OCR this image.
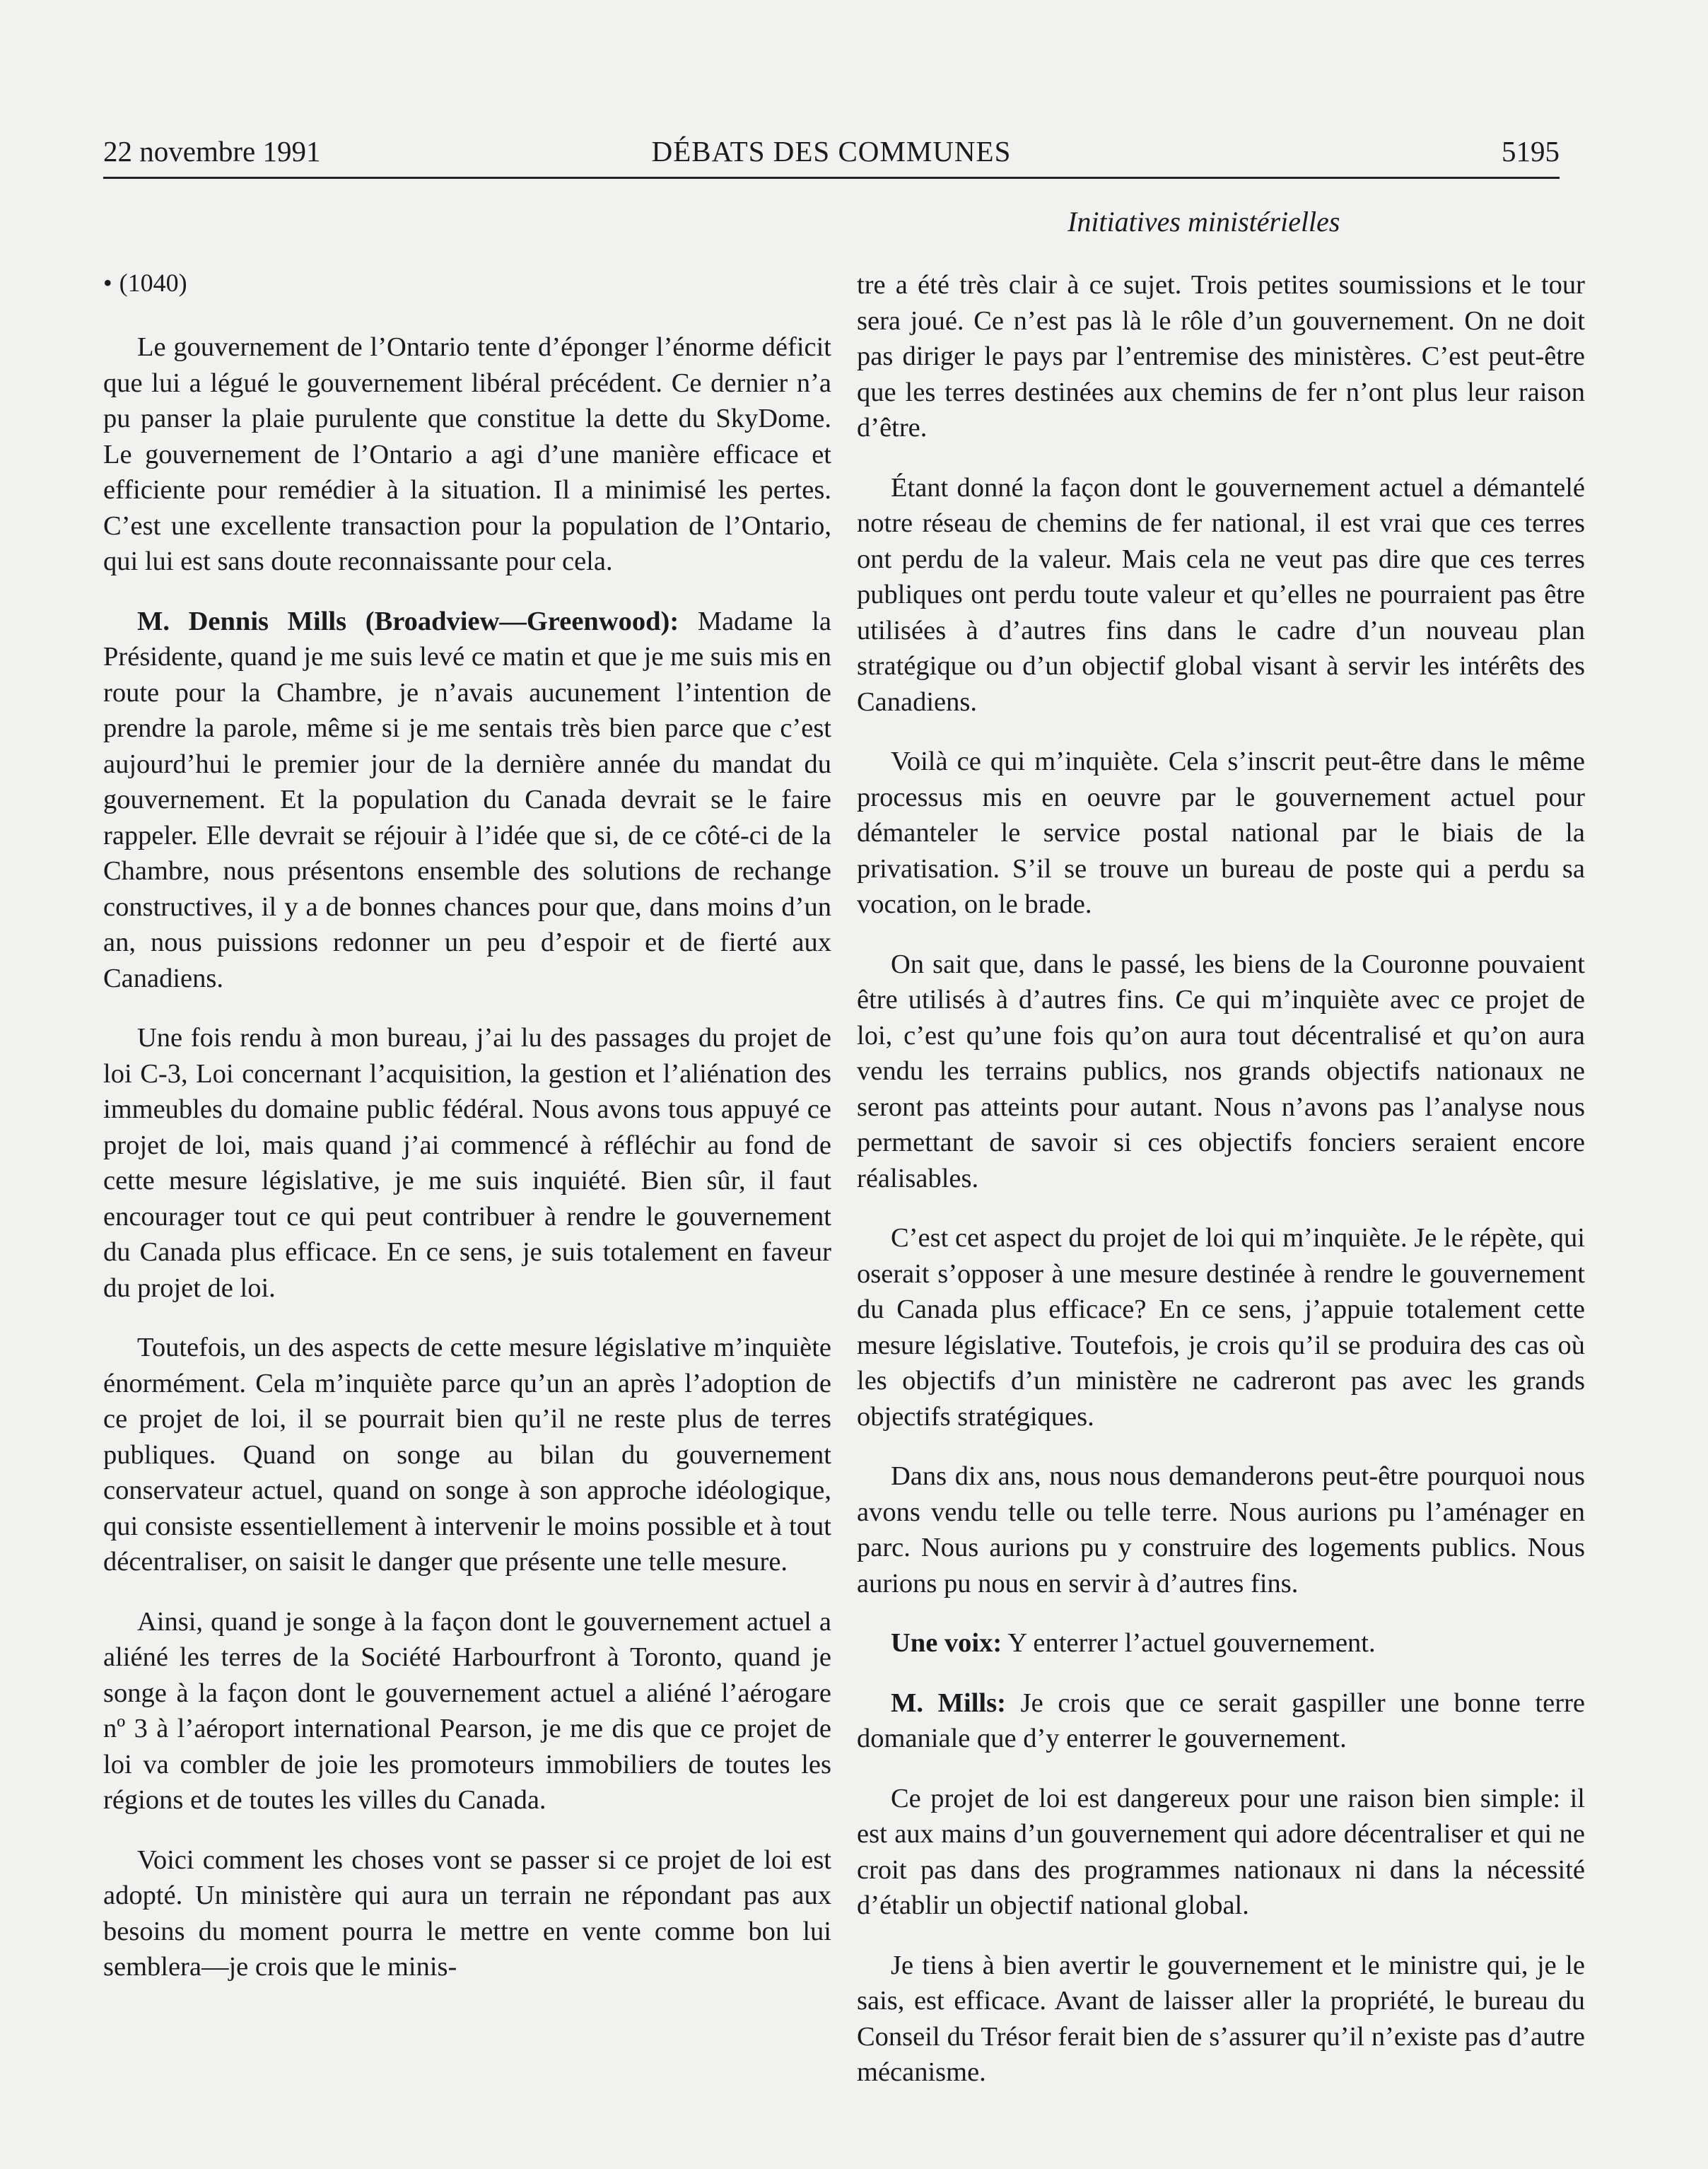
22 novembre 1991	DÉBATS DES COMMUNES	5195
Initiatives ministérielles
• (1040)

Le gouvernement de l’Ontario tente d’éponger l’énorme déficit que lui a légué le gouvernement libéral précédent. Ce dernier n’a pu panser la plaie purulente que constitue la dette du SkyDome. Le gouvernement de l’Ontario a agi d’une manière efficace et efficiente pour remédier à la situation. Il a minimisé les pertes. C’est une excellente transaction pour la population de l’Ontario, qui lui est sans doute reconnaissante pour cela.

M. Dennis Mills (Broadview—Greenwood): Madame la Présidente, quand je me suis levé ce matin et que je me suis mis en route pour la Chambre, je n’avais aucunement l’intention de prendre la parole, même si je me sentais très bien parce que c’est aujourd’hui le premier jour de la dernière année du mandat du gouvernement. Et la population du Canada devrait se le faire rappeler. Elle devrait se réjouir à l’idée que si, de ce côté-ci de la Chambre, nous présentons ensemble des solutions de rechange constructives, il y a de bonnes chances pour que, dans moins d’un an, nous puissions redonner un peu d’espoir et de fierté aux Canadiens.

Une fois rendu à mon bureau, j’ai lu des passages du projet de loi C-3, Loi concernant l’acquisition, la gestion et l’aliénation des immeubles du domaine public fédéral. Nous avons tous appuyé ce projet de loi, mais quand j’ai commencé à réfléchir au fond de cette mesure législative, je me suis inquiété. Bien sûr, il faut encourager tout ce qui peut contribuer à rendre le gouvernement du Canada plus efficace. En ce sens, je suis totalement en faveur du projet de loi.

Toutefois, un des aspects de cette mesure législative m’inquiète énormément. Cela m’inquiète parce qu’un an après l’adoption de ce projet de loi, il se pourrait bien qu’il ne reste plus de terres publiques. Quand on songe au bilan du gouvernement conservateur actuel, quand on songe à son approche idéologique, qui consiste essentiellement à intervenir le moins possible et à tout décentraliser, on saisit le danger que présente une telle mesure.

Ainsi, quand je songe à la façon dont le gouvernement actuel a aliéné les terres de la Société Harbourfront à Toronto, quand je songe à la façon dont le gouvernement actuel a aliéné l’aérogare nº 3 à l’aéroport international Pearson, je me dis que ce projet de loi va combler de joie les promoteurs immobiliers de toutes les régions et de toutes les villes du Canada.

Voici comment les choses vont se passer si ce projet de loi est adopté. Un ministère qui aura un terrain ne répondant pas aux besoins du moment pourra le mettre en vente comme bon lui semblera—je crois que le minis-

tre a été très clair à ce sujet. Trois petites soumissions et le tour sera joué. Ce n’est pas là le rôle d’un gouvernement. On ne doit pas diriger le pays par l’entremise des ministères. C’est peut-être que les terres destinées aux chemins de fer n’ont plus leur raison d’être.

Étant donné la façon dont le gouvernement actuel a démantelé notre réseau de chemins de fer national, il est vrai que ces terres ont perdu de la valeur. Mais cela ne veut pas dire que ces terres publiques ont perdu toute valeur et qu’elles ne pourraient pas être utilisées à d’autres fins dans le cadre d’un nouveau plan stratégique ou d’un objectif global visant à servir les intérêts des Canadiens.

Voilà ce qui m’inquiète. Cela s’inscrit peut-être dans le même processus mis en oeuvre par le gouvernement actuel pour démanteler le service postal national par le biais de la privatisation. S’il se trouve un bureau de poste qui a perdu sa vocation, on le brade.

On sait que, dans le passé, les biens de la Couronne pouvaient être utilisés à d’autres fins. Ce qui m’inquiète avec ce projet de loi, c’est qu’une fois qu’on aura tout décentralisé et qu’on aura vendu les terrains publics, nos grands objectifs nationaux ne seront pas atteints pour autant. Nous n’avons pas l’analyse nous permettant de savoir si ces objectifs fonciers seraient encore réalisables.

C’est cet aspect du projet de loi qui m’inquiète. Je le répète, qui oserait s’opposer à une mesure destinée à rendre le gouvernement du Canada plus efficace? En ce sens, j’appuie totalement cette mesure législative. Toutefois, je crois qu’il se produira des cas où les objectifs d’un ministère ne cadreront pas avec les grands objectifs stratégiques.

Dans dix ans, nous nous demanderons peut-être pourquoi nous avons vendu telle ou telle terre. Nous aurions pu l’aménager en parc. Nous aurions pu y construire des logements publics. Nous aurions pu nous en servir à d’autres fins.

Une voix: Y enterrer l’actuel gouvernement.

M. Mills: Je crois que ce serait gaspiller une bonne terre domaniale que d’y enterrer le gouvernement.

Ce projet de loi est dangereux pour une raison bien simple: il est aux mains d’un gouvernement qui adore décentraliser et qui ne croit pas dans des programmes nationaux ni dans la nécessité d’établir un objectif national global.

Je tiens à bien avertir le gouvernement et le ministre qui, je le sais, est efficace. Avant de laisser aller la propriété, le bureau du Conseil du Trésor ferait bien de s’assurer qu’il n’existe pas d’autre mécanisme.
